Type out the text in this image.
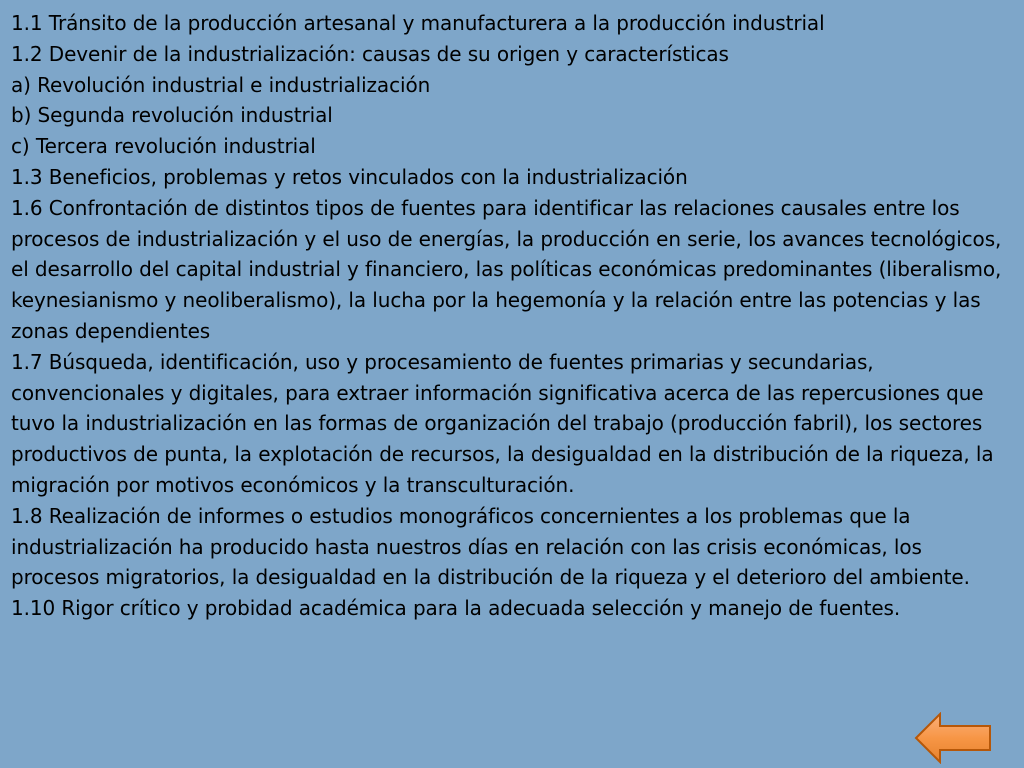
1.1 Tránsito de la producción artesanal y manufacturera a la producción industrial
1.2 Devenir de la industrialización: causas de su origen y características
a) Revolución industrial e industrialización
b) Segunda revolución industrial
c) Tercera revolución industrial
1.3 Beneficios, problemas y retos vinculados con la industrialización
1.6 Confrontación de distintos tipos de fuentes para identificar las relaciones causales entre los procesos de industrialización y el uso de energías, la producción en serie, los avances tecnológicos, el desarrollo del capital industrial y financiero, las políticas económicas predominantes (liberalismo, keynesianismo y neoliberalismo), la lucha por la hegemonía y la relación entre las potencias y las zonas dependientes
1.7 Búsqueda, identificación, uso y procesamiento de fuentes primarias y secundarias, convencionales y digitales, para extraer información significativa acerca de las repercusiones que tuvo la industrialización en las formas de organización del trabajo (producción fabril), los sectores productivos de punta, la explotación de recursos, la desigualdad en la distribución de la riqueza, la migración por motivos económicos y la transculturación.
1.8 Realización de informes o estudios monográficos concernientes a los problemas que la industrialización ha producido hasta nuestros días en relación con las crisis económicas, los procesos migratorios, la desigualdad en la distribución de la riqueza y el deterioro del ambiente.
1.10 Rigor crítico y probidad académica para la adecuada selección y manejo de fuentes.
